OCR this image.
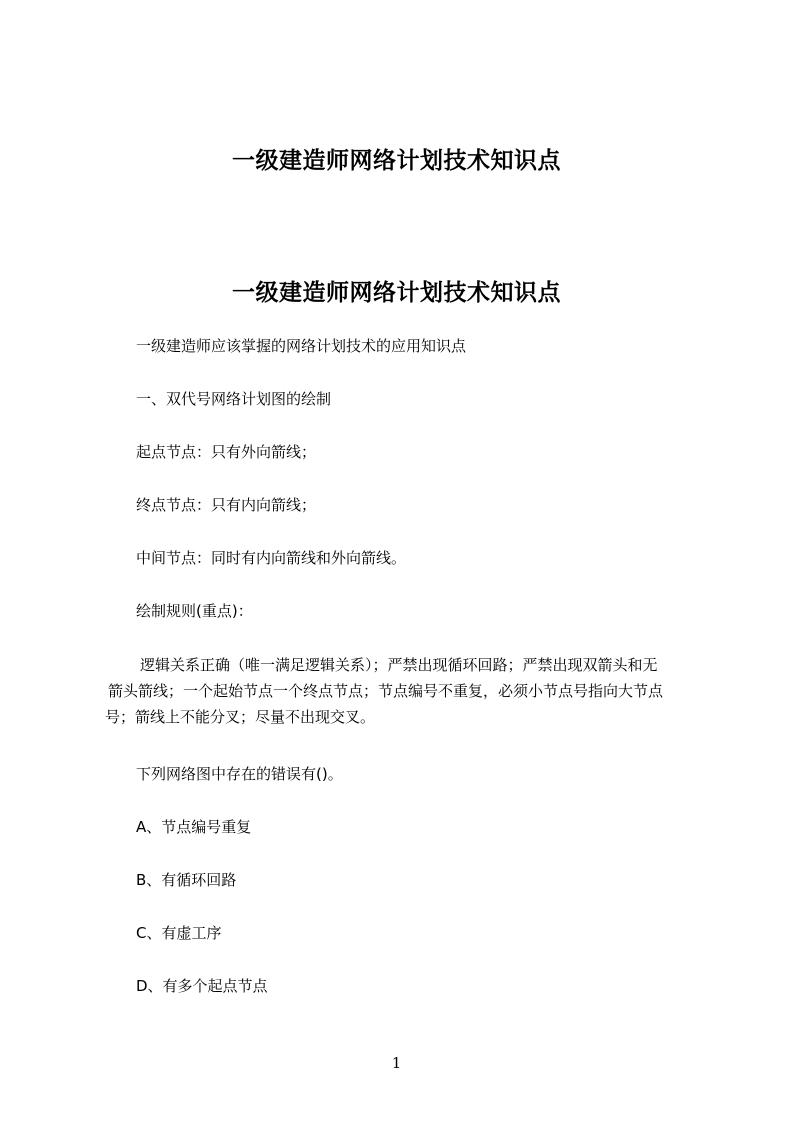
一级建造师网络计划技术知识点
一级建造师网络计划技术知识点

一级建造师应该掌握的网络计划技术的应用知识点

一、双代号网络计划图的绘制

起点节点：只有外向箭线；

终点节点：只有内向箭线；

中间节点：同时有内向箭线和外向箭线。

绘制规则(重点)：

逻辑关系正确（唯一满足逻辑关系）；严禁出现循环回路；严禁出现双箭头和无
箭头箭线；一个起始节点一个终点节点；节点编号不重复，必须小节点号指向大节点
号；箭线上不能分叉；尽量不出现交叉。

下列网络图中存在的错误有()。

A、节点编号重复

B、有循环回路

C、有虚工序

D、有多个起点节点

1
